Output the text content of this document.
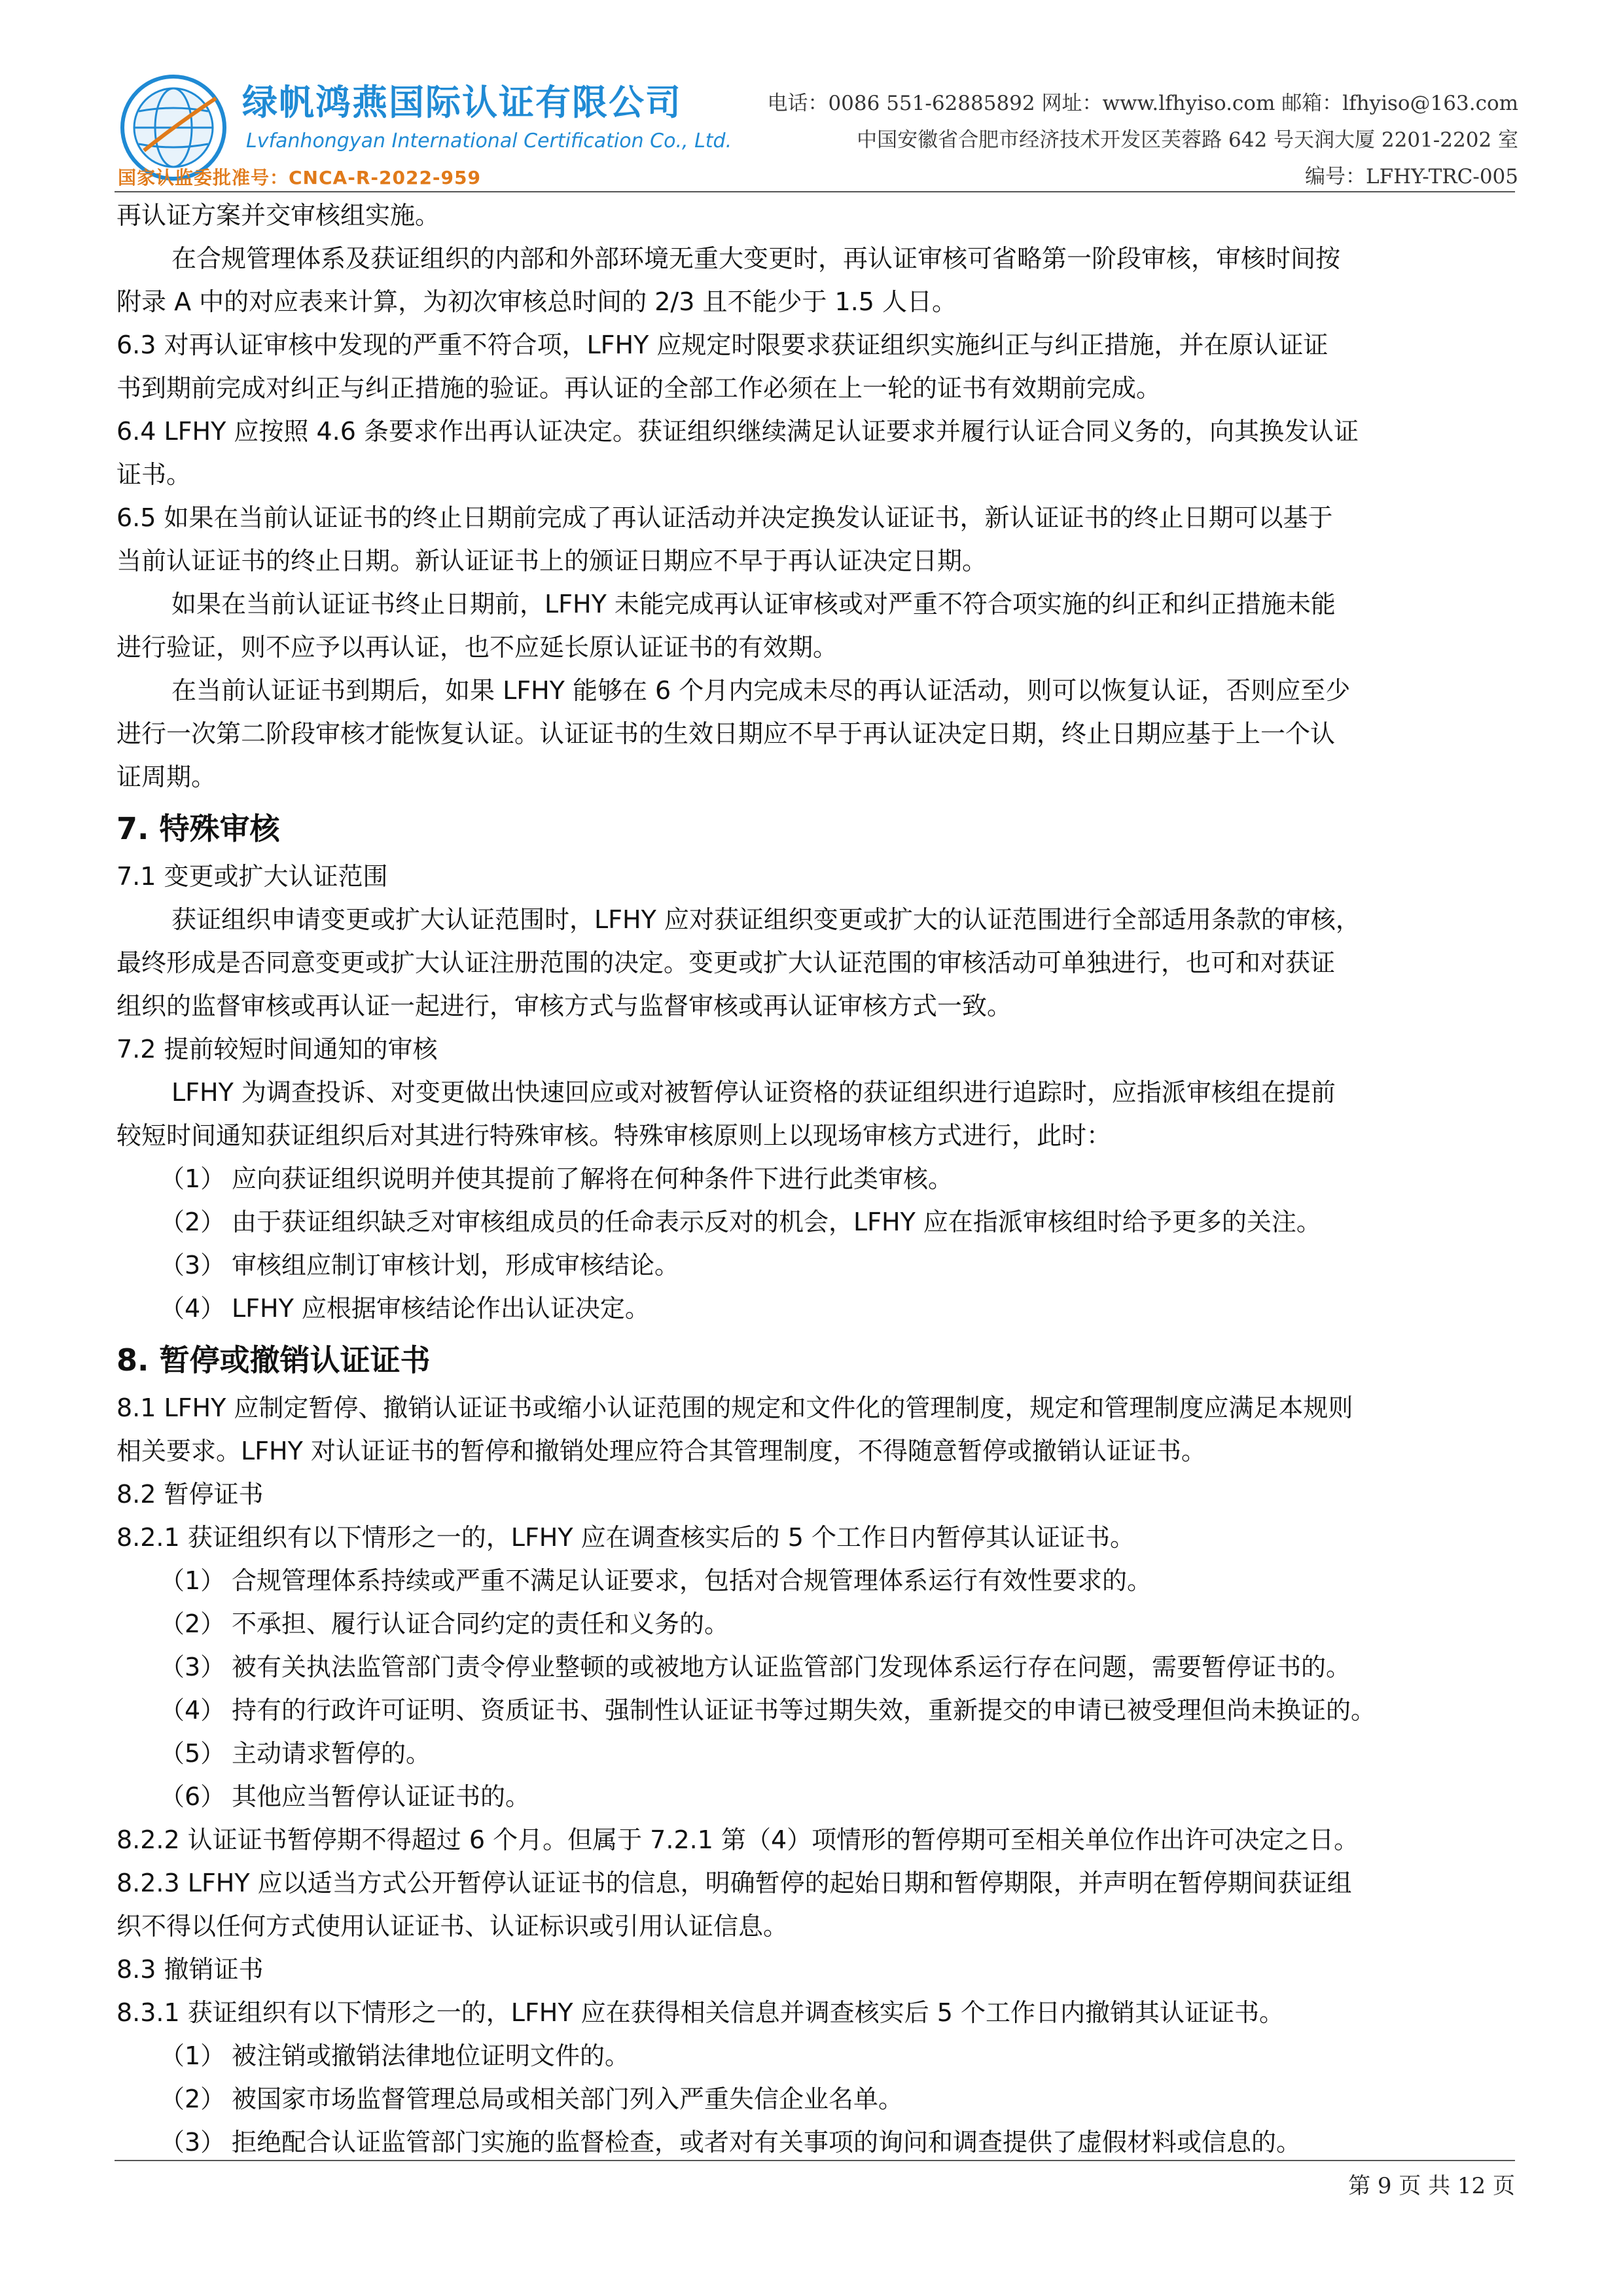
绿帆鸿燕国际认证有限公司
Lvfanhongyan International Certification Co., Ltd.
国家认监委批准号：CNCA-R-2022-959
电话：0086 551-62885892 网址：www.lfhyiso.com 邮箱：lfhyiso@163.com
中国安徽省合肥市经济技术开发区芙蓉路 642 号天润大厦 2201-2202 室
编号：LFHY-TRC-005
再认证方案并交审核组实施。
在合规管理体系及获证组织的内部和外部环境无重大变更时，再认证审核可省略第一阶段审核，审核时间按
附录 A 中的对应表来计算，为初次审核总时间的 2/3 且不能少于 1.5 人日。
6.3 对再认证审核中发现的严重不符合项，LFHY 应规定时限要求获证组织实施纠正与纠正措施，并在原认证证
书到期前完成对纠正与纠正措施的验证。再认证的全部工作必须在上一轮的证书有效期前完成。
6.4 LFHY 应按照 4.6 条要求作出再认证决定。获证组织继续满足认证要求并履行认证合同义务的，向其换发认证
证书。
6.5 如果在当前认证证书的终止日期前完成了再认证活动并决定换发认证证书，新认证证书的终止日期可以基于
当前认证证书的终止日期。新认证证书上的颁证日期应不早于再认证决定日期。
如果在当前认证证书终止日期前，LFHY 未能完成再认证审核或对严重不符合项实施的纠正和纠正措施未能
进行验证，则不应予以再认证，也不应延长原认证证书的有效期。
在当前认证证书到期后，如果 LFHY 能够在 6 个月内完成未尽的再认证活动，则可以恢复认证，否则应至少
进行一次第二阶段审核才能恢复认证。认证证书的生效日期应不早于再认证决定日期，终止日期应基于上一个认
证周期。
7. 特殊审核
7.1 变更或扩大认证范围
获证组织申请变更或扩大认证范围时，LFHY 应对获证组织变更或扩大的认证范围进行全部适用条款的审核，
最终形成是否同意变更或扩大认证注册范围的决定。变更或扩大认证范围的审核活动可单独进行，也可和对获证
组织的监督审核或再认证一起进行，审核方式与监督审核或再认证审核方式一致。
7.2 提前较短时间通知的审核
LFHY 为调查投诉、对变更做出快速回应或对被暂停认证资格的获证组织进行追踪时，应指派审核组在提前
较短时间通知获证组织后对其进行特殊审核。特殊审核原则上以现场审核方式进行，此时：
（1） 应向获证组织说明并使其提前了解将在何种条件下进行此类审核。
（2） 由于获证组织缺乏对审核组成员的任命表示反对的机会，LFHY 应在指派审核组时给予更多的关注。
（3） 审核组应制订审核计划，形成审核结论。
（4） LFHY 应根据审核结论作出认证决定。
8. 暂停或撤销认证证书
8.1 LFHY 应制定暂停、撤销认证证书或缩小认证范围的规定和文件化的管理制度，规定和管理制度应满足本规则
相关要求。LFHY 对认证证书的暂停和撤销处理应符合其管理制度，不得随意暂停或撤销认证证书。
8.2 暂停证书
8.2.1 获证组织有以下情形之一的，LFHY 应在调查核实后的 5 个工作日内暂停其认证证书。
（1） 合规管理体系持续或严重不满足认证要求，包括对合规管理体系运行有效性要求的。
（2） 不承担、履行认证合同约定的责任和义务的。
（3） 被有关执法监管部门责令停业整顿的或被地方认证监管部门发现体系运行存在问题，需要暂停证书的。
（4） 持有的行政许可证明、资质证书、强制性认证证书等过期失效，重新提交的申请已被受理但尚未换证的。
（5） 主动请求暂停的。
（6） 其他应当暂停认证证书的。
8.2.2 认证证书暂停期不得超过 6 个月。但属于 7.2.1 第（4）项情形的暂停期可至相关单位作出许可决定之日。
8.2.3 LFHY 应以适当方式公开暂停认证证书的信息，明确暂停的起始日期和暂停期限，并声明在暂停期间获证组
织不得以任何方式使用认证证书、认证标识或引用认证信息。
8.3 撤销证书
8.3.1 获证组织有以下情形之一的，LFHY 应在获得相关信息并调查核实后 5 个工作日内撤销其认证证书。
（1） 被注销或撤销法律地位证明文件的。
（2） 被国家市场监督管理总局或相关部门列入严重失信企业名单。
（3） 拒绝配合认证监管部门实施的监督检查，或者对有关事项的询问和调查提供了虚假材料或信息的。
第 9 页 共 12 页
